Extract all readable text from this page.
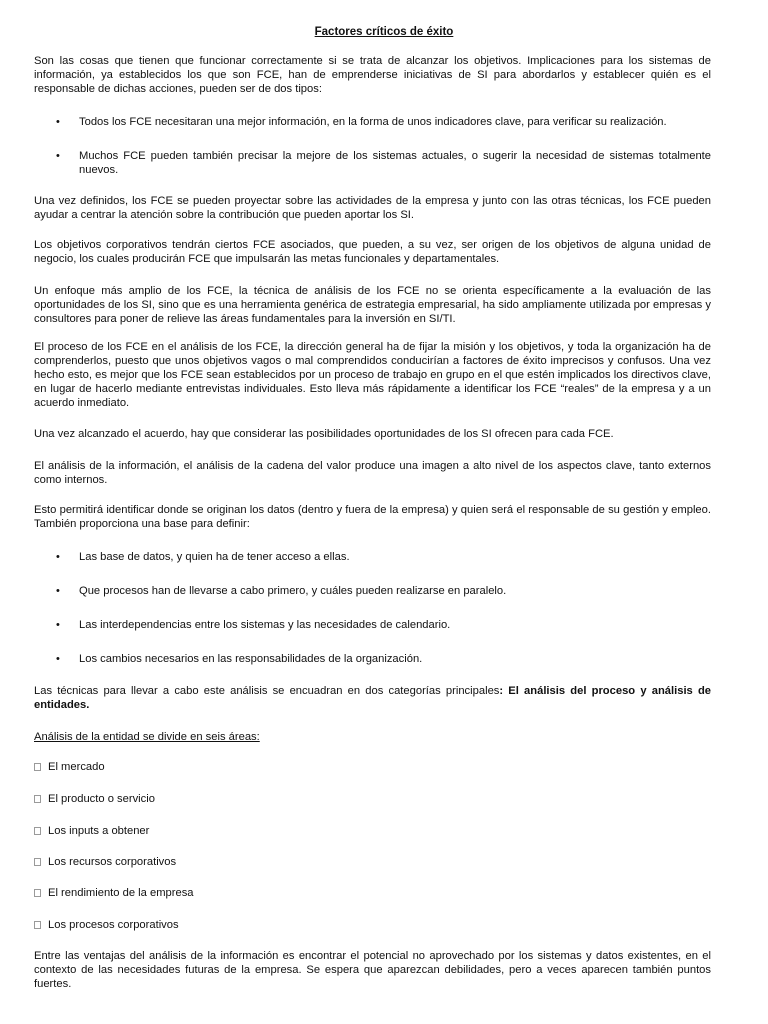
Factores críticos de éxito

Son las cosas que tienen que funcionar correctamente si se trata de alcanzar los objetivos. Implicaciones para los sistemas de información, ya establecidos los que son FCE, han de emprenderse iniciativas de SI para abordarlos y establecer quién es el responsable de dichas acciones, pueden ser de dos tipos:

• Todos los FCE necesitaran una mejor información, en la forma de unos indicadores clave, para verificar su realización.

• Muchos FCE pueden también precisar la mejore de los sistemas actuales, o sugerir la necesidad de sistemas totalmente nuevos.

Una vez definidos, los FCE se pueden proyectar sobre las actividades de la empresa y junto con las otras técnicas, los FCE pueden ayudar a centrar la atención sobre la contribución que pueden aportar los SI.

Los objetivos corporativos tendrán ciertos FCE asociados, que pueden, a su vez, ser origen de los objetivos de alguna unidad de negocio, los cuales producirán FCE que impulsarán las metas funcionales y departamentales.

Un enfoque más amplio de los FCE, la técnica de análisis de los FCE no se orienta específicamente a la evaluación de las oportunidades de los SI, sino que es una herramienta genérica de estrategia empresarial, ha sido ampliamente utilizada por empresas y consultores para poner de relieve las áreas fundamentales para la inversión en SI/TI.

El proceso de los FCE en el análisis de los FCE, la dirección general ha de fijar la misión y los objetivos, y toda la organización ha de comprenderlos, puesto que unos objetivos vagos o mal comprendidos conducirían a factores de éxito imprecisos y confusos. Una vez hecho esto, es mejor que los FCE sean establecidos por un proceso de trabajo en grupo en el que estén implicados los directivos clave, en lugar de hacerlo mediante entrevistas individuales. Esto lleva más rápidamente a identificar los FCE “reales” de la empresa y a un acuerdo inmediato.

Una vez alcanzado el acuerdo, hay que considerar las posibilidades oportunidades de los SI ofrecen para cada FCE.

El análisis de la información, el análisis de la cadena del valor produce una imagen a alto nivel de los aspectos clave, tanto externos como internos.

Esto permitirá identificar donde se originan los datos (dentro y fuera de la empresa) y quien será el responsable de su gestión y empleo. También proporciona una base para definir:

• Las base de datos, y quien ha de tener acceso a ellas.

• Que procesos han de llevarse a cabo primero, y cuáles pueden realizarse en paralelo.

• Las interdependencias entre los sistemas y las necesidades de calendario.

• Los cambios necesarios en las responsabilidades de la organización.

Las técnicas para llevar a cabo este análisis se encuadran en dos categorías principales: El análisis del proceso y análisis de entidades.

Análisis de la entidad se divide en seis áreas:

El mercado
El producto o servicio
Los inputs a obtener
Los recursos corporativos
El rendimiento de la empresa
Los procesos corporativos

Entre las ventajas del análisis de la información es encontrar el potencial no aprovechado por los sistemas y datos existentes, en el contexto de las necesidades futuras de la empresa. Se espera que aparezcan debilidades, pero a veces aparecen también puntos fuertes.
